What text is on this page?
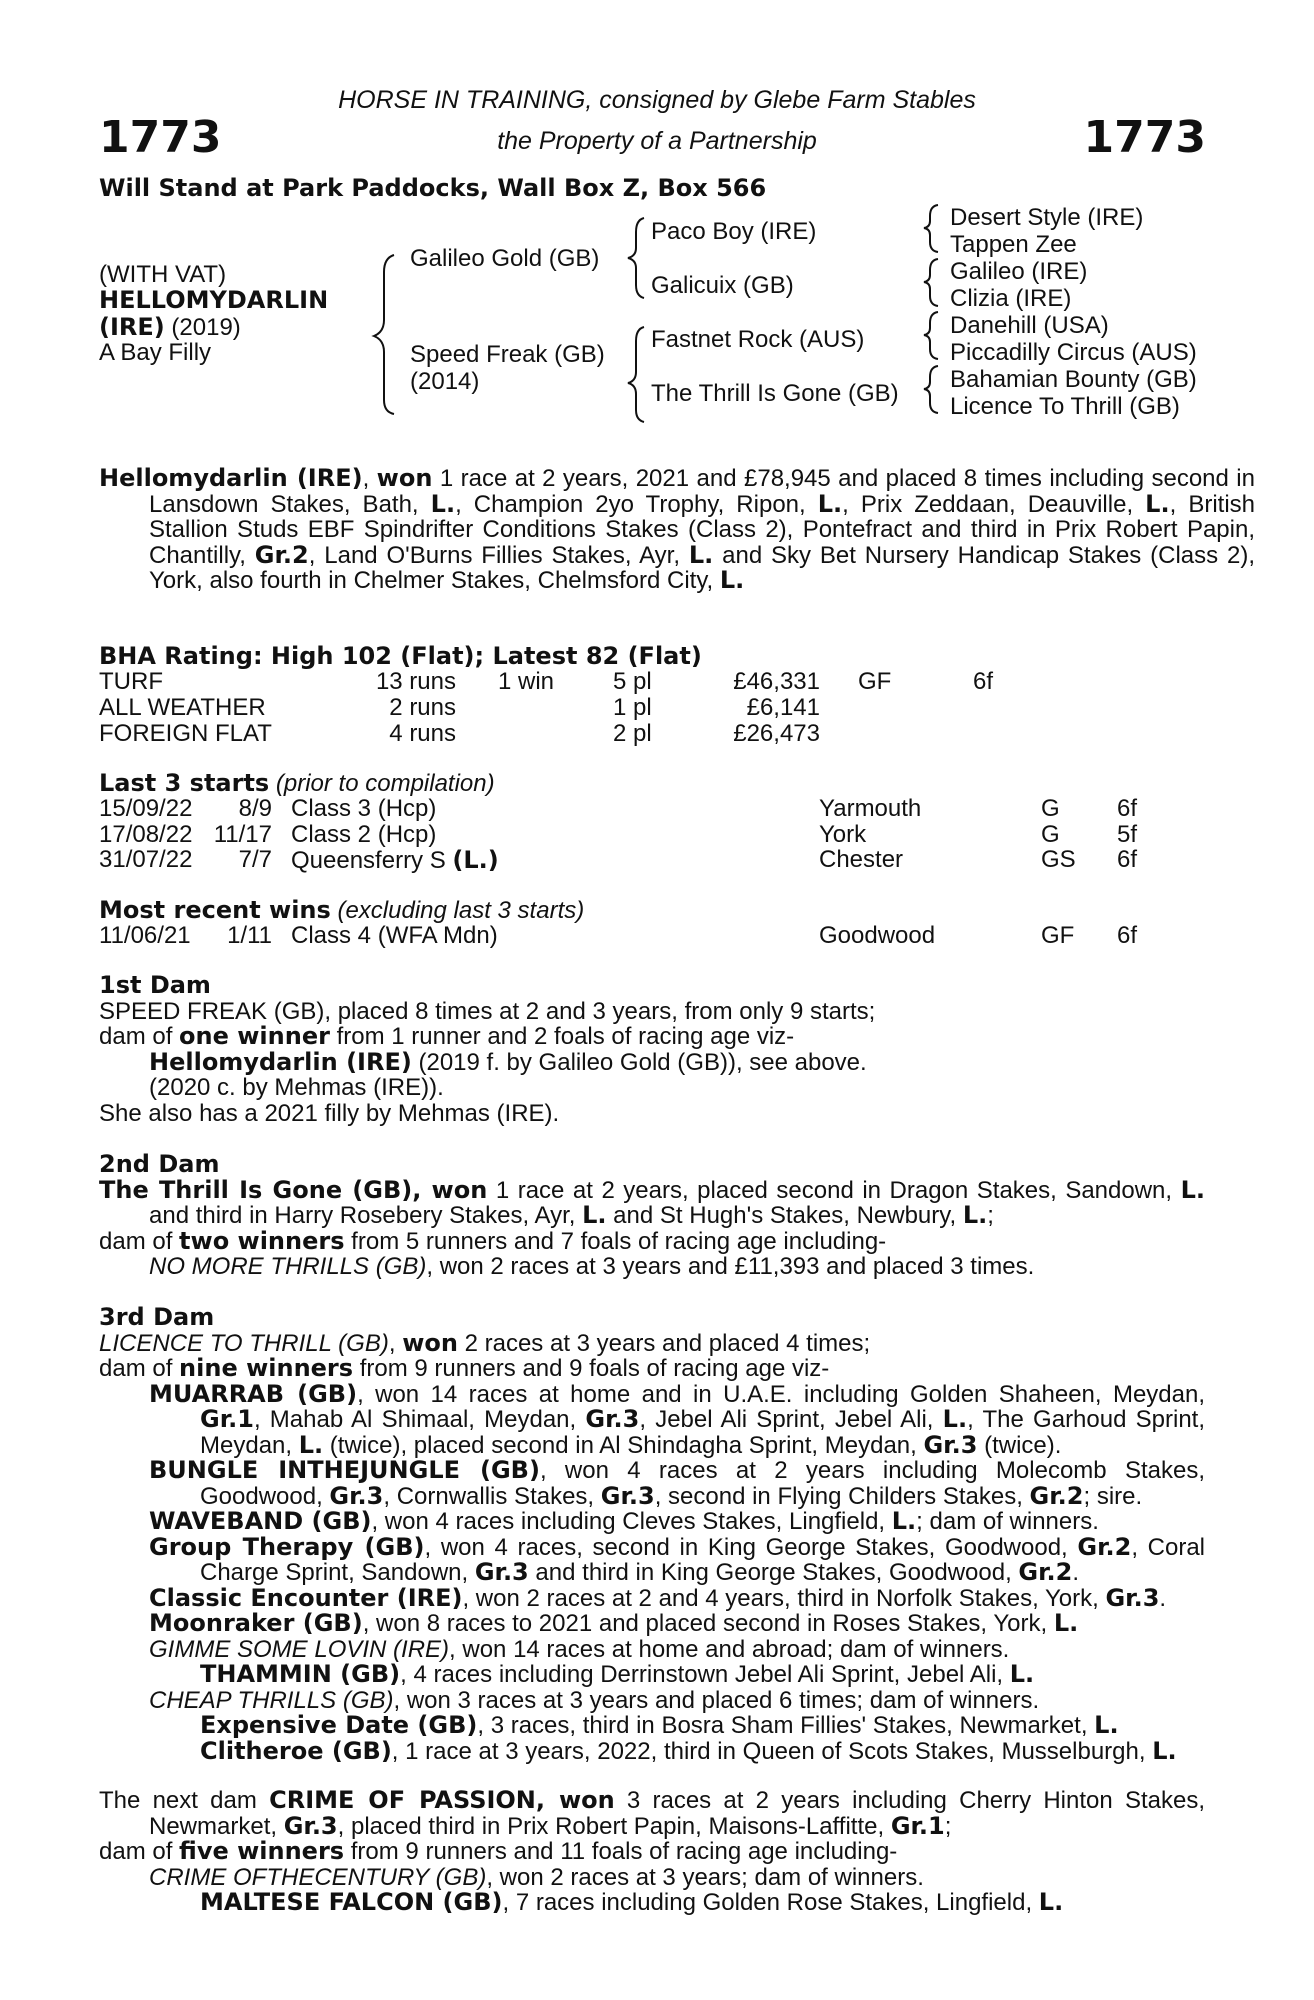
1773	1773
HORSE IN TRAINING, consigned by Glebe Farm Stables
the Property of a Partnership
Will Stand at Park Paddocks, Wall Box Z, Box 566
(WITH VAT)
HELLOMYDARLIN
(IRE) (2019)
A Bay Filly
Galileo Gold (GB)
Speed Freak (GB)
(2014)
Paco Boy (IRE)
Galicuix (GB)
Fastnet Rock (AUS)
The Thrill Is Gone (GB)
Desert Style (IRE)
Tappen Zee
Galileo (IRE)
Clizia (IRE)
Danehill (USA)
Piccadilly Circus (AUS)
Bahamian Bounty (GB)
Licence To Thrill (GB)
Hellomydarlin (IRE), won 1 race at 2 years, 2021 and £78,945 and placed 8 times including second in Lansdown Stakes, Bath, L., Champion 2yo Trophy, Ripon, L., Prix Zeddaan, Deauville, L., British Stallion Studs EBF Spindrifter Conditions Stakes (Class 2), Pontefract and third in Prix Robert Papin, Chantilly, Gr.2, Land O'Burns Fillies Stakes, Ayr, L. and Sky Bet Nursery Handicap Stakes (Class 2), York, also fourth in Chelmer Stakes, Chelmsford City, L.
BHA Rating: High 102 (Flat); Latest 82 (Flat)
TURF	13 runs 1 win 5 pl	£46,331 GF	6f
ALL WEATHER	2 runs	1 pl	£6,141
FOREIGN FLAT	4 runs	2 pl	£26,473
Last 3 starts (prior to compilation)
15/09/22	8/9 Class 3 (Hcp)	Yarmouth	G 6f
17/08/22 11/17 Class 2 (Hcp)	York	G 5f
31/07/22	7/7 Queensferry S (L.)	Chester	GS 6f
Most recent wins (excluding last 3 starts)
11/06/21	1/11 Class 4 (WFA Mdn)	Goodwood	GF 6f
1st Dam
SPEED FREAK (GB), placed 8 times at 2 and 3 years, from only 9 starts;
dam of one winner from 1 runner and 2 foals of racing age viz-
Hellomydarlin (IRE) (2019 f. by Galileo Gold (GB)), see above.
(2020 c. by Mehmas (IRE)).
She also has a 2021 filly by Mehmas (IRE).
2nd Dam
The Thrill Is Gone (GB), won 1 race at 2 years, placed second in Dragon Stakes, Sandown, L. and third in Harry Rosebery Stakes, Ayr, L. and St Hugh's Stakes, Newbury, L.;
dam of two winners from 5 runners and 7 foals of racing age including-
NO MORE THRILLS (GB), won 2 races at 3 years and £11,393 and placed 3 times.
3rd Dam
LICENCE TO THRILL (GB), won 2 races at 3 years and placed 4 times;
dam of nine winners from 9 runners and 9 foals of racing age viz-
MUARRAB (GB), won 14 races at home and in U.A.E. including Golden Shaheen, Meydan, Gr.1, Mahab Al Shimaal, Meydan, Gr.3, Jebel Ali Sprint, Jebel Ali, L., The Garhoud Sprint, Meydan, L. (twice), placed second in Al Shindagha Sprint, Meydan, Gr.3 (twice).
BUNGLE INTHEJUNGLE (GB), won 4 races at 2 years including Molecomb Stakes, Goodwood, Gr.3, Cornwallis Stakes, Gr.3, second in Flying Childers Stakes, Gr.2; sire.
WAVEBAND (GB), won 4 races including Cleves Stakes, Lingfield, L.; dam of winners.
Group Therapy (GB), won 4 races, second in King George Stakes, Goodwood, Gr.2, Coral Charge Sprint, Sandown, Gr.3 and third in King George Stakes, Goodwood, Gr.2.
Classic Encounter (IRE), won 2 races at 2 and 4 years, third in Norfolk Stakes, York, Gr.3.
Moonraker (GB), won 8 races to 2021 and placed second in Roses Stakes, York, L.
GIMME SOME LOVIN (IRE), won 14 races at home and abroad; dam of winners.
THAMMIN (GB), 4 races including Derrinstown Jebel Ali Sprint, Jebel Ali, L.
CHEAP THRILLS (GB), won 3 races at 3 years and placed 6 times; dam of winners.
Expensive Date (GB), 3 races, third in Bosra Sham Fillies' Stakes, Newmarket, L.
Clitheroe (GB), 1 race at 3 years, 2022, third in Queen of Scots Stakes, Musselburgh, L.
The next dam CRIME OF PASSION, won 3 races at 2 years including Cherry Hinton Stakes, Newmarket, Gr.3, placed third in Prix Robert Papin, Maisons-Laffitte, Gr.1;
dam of five winners from 9 runners and 11 foals of racing age including-
CRIME OFTHECENTURY (GB), won 2 races at 3 years; dam of winners.
MALTESE FALCON (GB), 7 races including Golden Rose Stakes, Lingfield, L.
